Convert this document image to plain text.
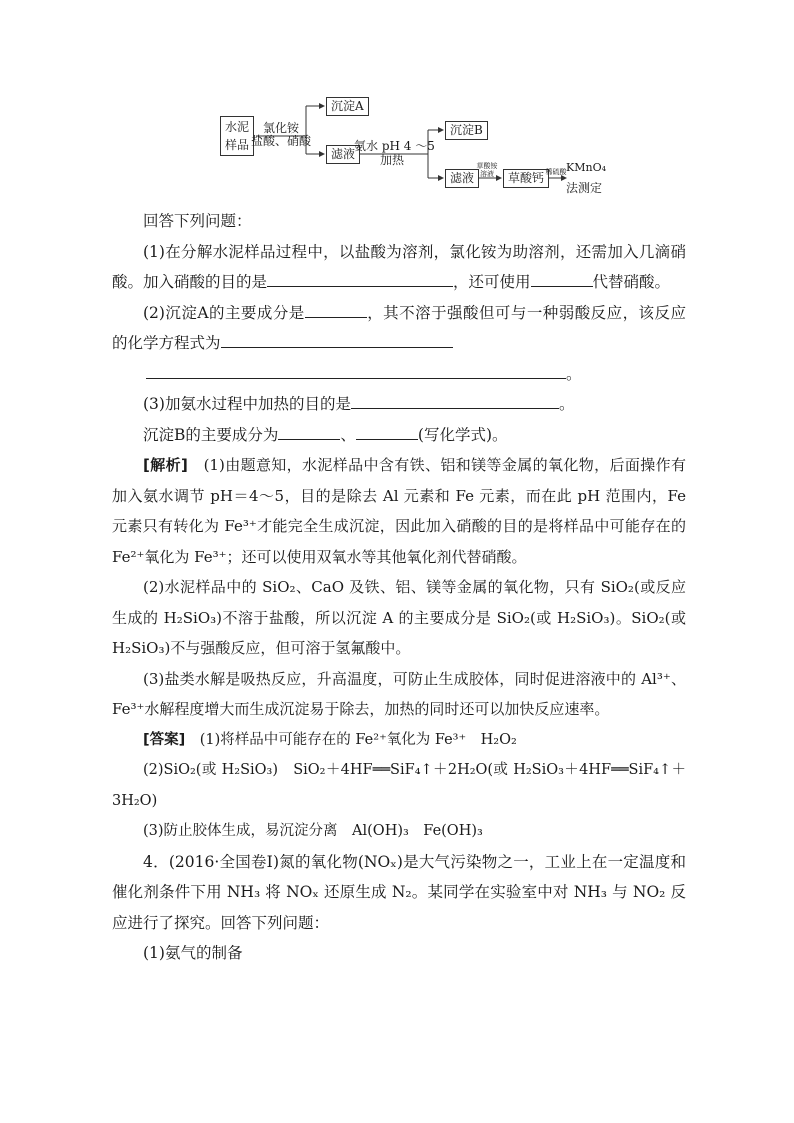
水泥
样品
氯化铵
盐酸、硝酸
沉淀A
滤液
氨水 pH 4 ～5
加热
沉淀B
滤液
草酸铵
溶液	草酸钙 稀硫酸 KMnO₄
法测定

回答下列问题：

(1)在分解水泥样品过程中，以盐酸为溶剂，氯化铵为助溶剂，还需加入几滴硝酸。加入硝酸的目的是	，还可使用	代替硝酸。

(2)沉淀A的主要成分是	，其不溶于强酸但可与一种弱酸反应，该反应的化学方程式为

。

(3)加氨水过程中加热的目的是	。

沉淀B的主要成分为	、	(写化学式)。

[解析]　 (1)由题意知，水泥样品中含有铁、铝和镁等金属的氧化物，后面操作有加入氨水调节 pH＝4～5，目的是除去 Al 元素和 Fe 元素，而在此 pH 范围内，Fe 元素只有转化为 Fe³⁺才能完全生成沉淀，因此加入硝酸的目的是将样品中可能存在的 Fe²⁺氧化为 Fe³⁺；还可以使用双氧水等其他氧化剂代替硝酸。

(2)水泥样品中的 SiO₂、CaO 及铁、铝、镁等金属的氧化物，只有 SiO₂(或反应生成的 H₂SiO₃)不溶于盐酸，所以沉淀 A 的主要成分是 SiO₂(或 H₂SiO₃)。SiO₂(或H₂SiO₃)不与强酸反应，但可溶于氢氟酸中。

(3)盐类水解是吸热反应，升高温度，可防止生成胶体，同时促进溶液中的 Al³⁺、Fe³⁺水解程度增大而生成沉淀易于除去，加热的同时还可以加快反应速率。

[答案]　 (1)将样品中可能存在的 Fe²⁺氧化为 Fe³⁺　H₂O₂

(2)SiO₂(或 H₂SiO₃)　SiO₂＋4HF══SiF₄↑＋2H₂O(或 H₂SiO₃＋4HF══SiF₄↑＋3H₂O)

(3)防止胶体生成，易沉淀分离　Al(OH)₃　Fe(OH)₃

4．(2016·全国卷Ⅰ)氮的氧化物(NOₓ)是大气污染物之一，工业上在一定温度和催化剂条件下用 NH₃ 将 NOₓ 还原生成 N₂。某同学在实验室中对 NH₃ 与 NO₂ 反应进行了探究。回答下列问题：

(1)氨气的制备
